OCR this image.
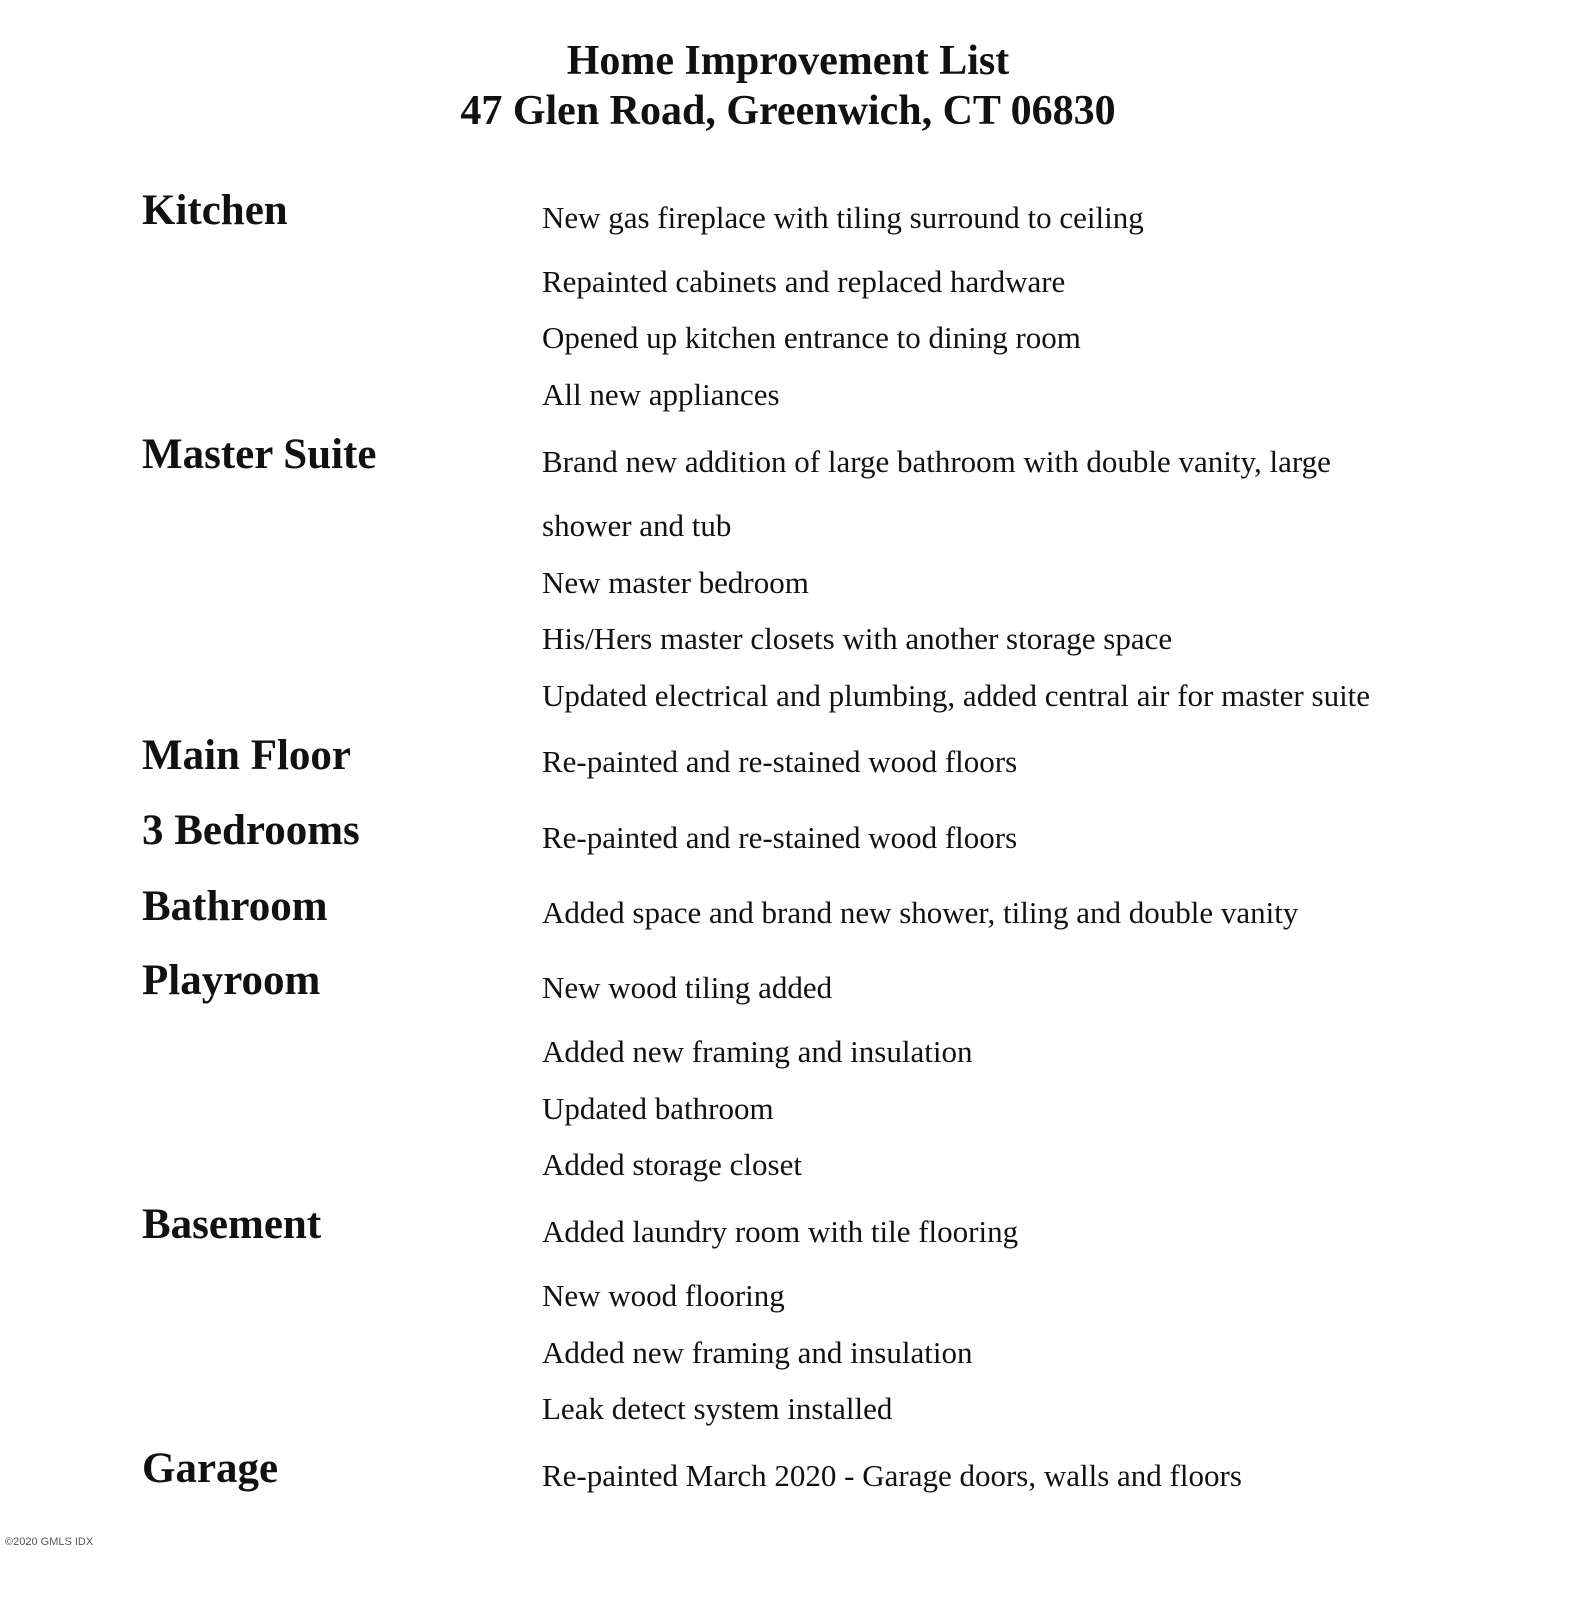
Home Improvement List
47 Glen Road, Greenwich, CT 06830
Kitchen	New gas fireplace with tiling surround to ceiling
Repainted cabinets and replaced hardware
Opened up kitchen entrance to dining room
All new appliances
Master Suite	Brand new addition of large bathroom with double vanity, large
shower and tub
New master bedroom
His/Hers master closets with another storage space
Updated electrical and plumbing, added central air for master suite
Main Floor	Re-painted and re-stained wood floors
3 Bedrooms	Re-painted and re-stained wood floors
Bathroom	Added space and brand new shower, tiling and double vanity
Playroom	New wood tiling added
Added new framing and insulation
Updated bathroom
Added storage closet
Basement	Added laundry room with tile flooring
New wood flooring
Added new framing and insulation
Leak detect system installed
Garage	Re-painted March 2020 - Garage doors, walls and floors
©2020 GMLS IDX
